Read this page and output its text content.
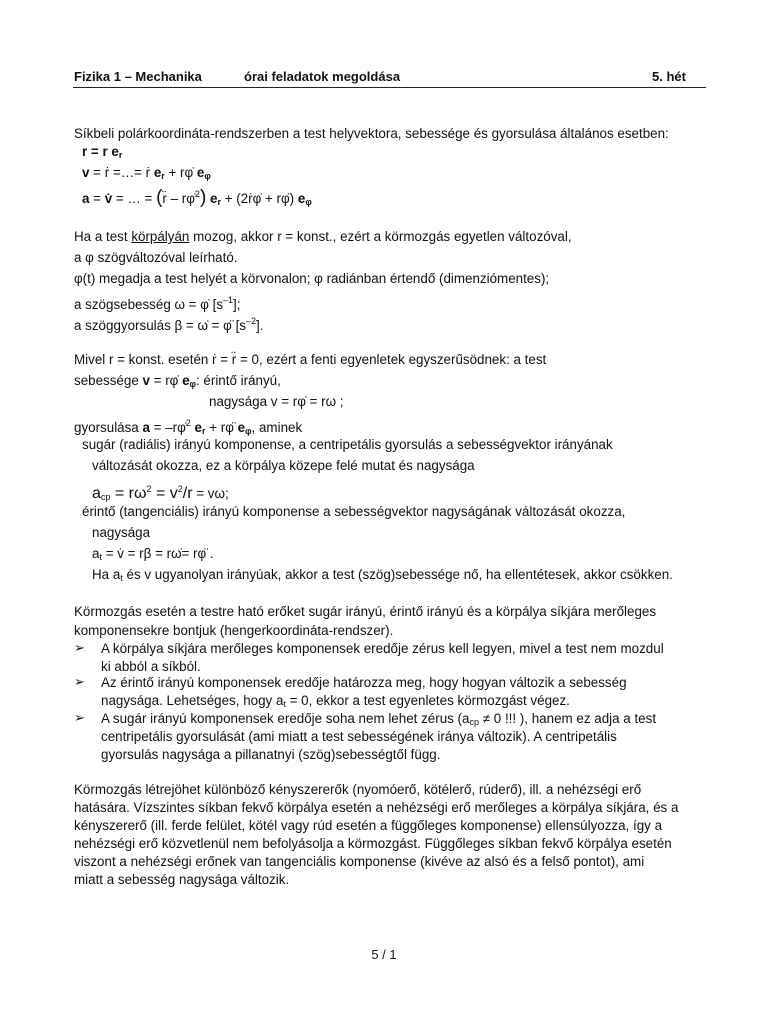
Fizika 1 – Mechanika	órai feladatok megoldása	5. hét
Síkbeli polárkoordináta-rendszerben a test helyvektora, sebessége és gyorsulása általános esetben:
r = r $e_r$
v = ṙ =…= ṙ $e_r$ + rφ̇ $e_\varphi$
a = v̇ = … = (r̈ – rφ̇$^2$) $e_r$ + (2ṙφ̇ + rφ̈) $e_\varphi$
Ha a test körpályán mozog, akkor r = konst., ezért a körmozgás egyetlen változóval,
a φ szögváltozóval leírható.
φ(t) megadja a test helyét a körvonalon; φ radiánban értendő (dimenziómentes);
a szögsebesség ω = φ̇ $[s^{-1}]$;
a szöggyorsulás β = ω̇ = φ̈ $[s^{-2}]$.
Mivel r = konst. esetén ṙ = r̈ = 0, ezért a fenti egyenletek egyszerűsödnek: a test
sebessége v = rφ̇ $e_\varphi$: érintő irányú,
nagysága v = rφ̇ = rω ;
gyorsulása a = –rφ̇$^2$ $e_r$ + rφ̈ $e_\varphi$, aminek
sugár (radiális) irányú komponense, a centripetális gyorsulás a sebességvektor irányának
változását okozza, ez a körpálya közepe felé mutat és nagysága
$a_{cp} = r\omega^2 = v^2/r = v\omega$;
érintő (tangenciális) irányú komponense a sebességvektor nagyságának változását okozza,
nagysága
$a_t$ = v̇ = rβ = rω̇= rφ̈ .
Ha $a_t$ és v ugyanolyan irányúak, akkor a test (szög)sebessége nő, ha ellentétesek, akkor csökken.
Körmozgás esetén a testre ható erőket sugár irányú, érintő irányú és a körpálya síkjára merőleges
komponensekre bontjuk (hengerkoordináta-rendszer).
➢ A körpálya síkjára merőleges komponensek eredője zérus kell legyen, mivel a test nem mozdul
ki abból a síkból.
➢ Az érintő irányú komponensek eredője határozza meg, hogy hogyan változik a sebesség
nagysága. Lehetséges, hogy $a_t = 0$, ekkor a test egyenletes körmozgást végez.
➢ A sugár irányú komponensek eredője soha nem lehet zérus ($a_{cp} \ne 0$ !!! ), hanem ez adja a test
centripetális gyorsulását (ami miatt a test sebességének iránya változik). A centripetális
gyorsulás nagysága a pillanatnyi (szög)sebességtől függ.
Körmozgás létrejöhet különböző kényszererők (nyomóerő, kötélerő, rúderő), ill. a nehézségi erő
hatására. Vízszintes síkban fekvő körpálya esetén a nehézségi erő merőleges a körpálya síkjára, és a
kényszererő (ill. ferde felület, kötél vagy rúd esetén a függőleges komponense) ellensúlyozza, így a
nehézségi erő közvetlenül nem befolyásolja a körmozgást. Függőleges síkban fekvő körpálya esetén
viszont a nehézségi erőnek van tangenciális komponense (kivéve az alsó és a felső pontot), ami
miatt a sebesség nagysága változik.
5 / 1
